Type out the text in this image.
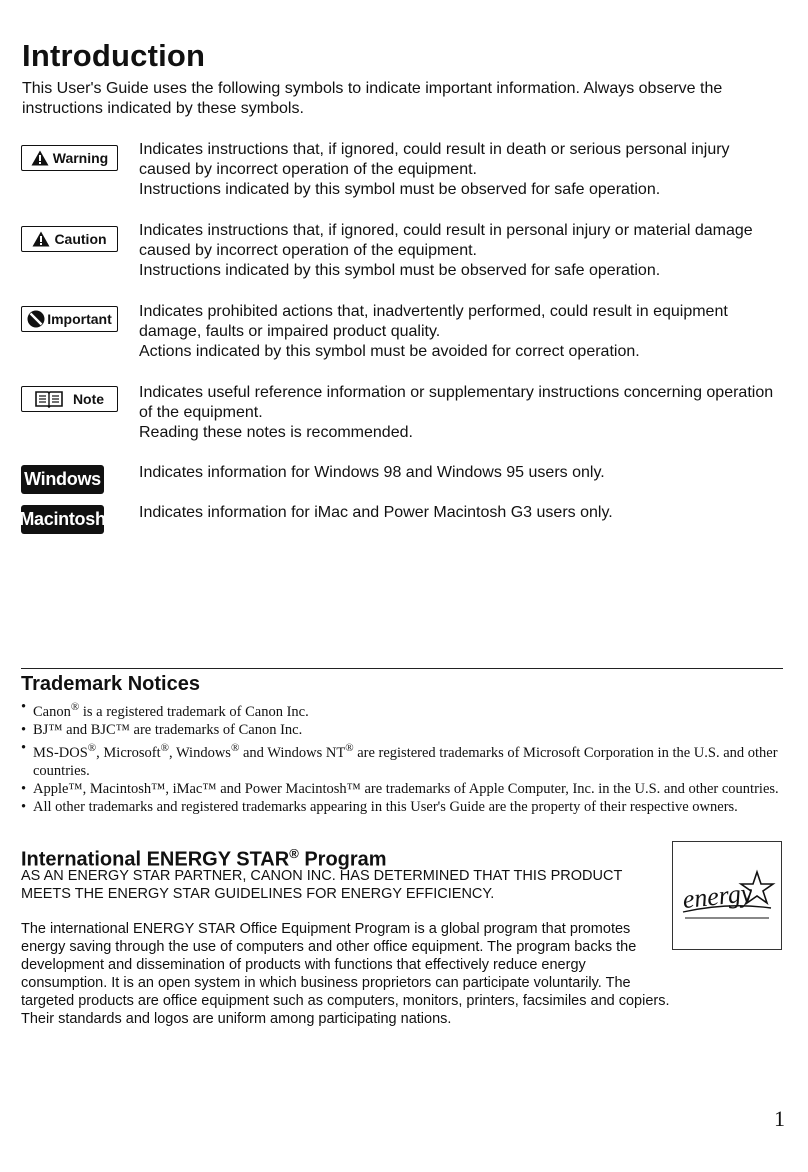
Introduction
This User's Guide uses the following symbols to indicate important information. Always observe the instructions indicated by these symbols.
Warning Indicates instructions that, if ignored, could result in death or serious personal injury caused by incorrect operation of the equipment.

Instructions indicated by this symbol must be observed for safe operation.

Caution Indicates instructions that, if ignored, could result in personal injury or material damage caused by incorrect operation of the equipment.

Instructions indicated by this symbol must be observed for safe operation.

Important Indicates prohibited actions that, inadvertently performed, could result in equipment damage, faults or impaired product quality.

Actions indicated by this symbol must be avoided for correct operation.

Note Indicates useful reference information or supplementary instructions concerning operation of the equipment.

Reading these notes is recommended.

Windows Indicates information for Windows 98 and Windows 95 users only.
Macintosh Indicates information for iMac and Power Macintosh G3 users only.
Trademark Notices
• Canon® is a registered trademark of Canon Inc.
• BJ™ and BJC™ are trademarks of Canon Inc.
• MS-DOS®, Microsoft®, Windows® and Windows NT® are registered trademarks of Microsoft Corporation in the U.S. and other countries.
• Apple™, Macintosh™, iMac™ and Power Macintosh™ are trademarks of Apple Computer, Inc. in the U.S. and other countries.
• All other trademarks and registered trademarks appearing in this User's Guide are the property of their respective owners.
International ENERGY STAR® Program
AS AN ENERGY STAR PARTNER, CANON INC. HAS DETERMINED THAT THIS PRODUCT MEETS THE ENERGY STAR GUIDELINES FOR ENERGY EFFICIENCY.
The international ENERGY STAR Office Equipment Program is a global program that promotes energy saving through the use of computers and other office equipment. The program backs the development and dissemination of products with functions that effectively reduce energy consumption. It is an open system in which business proprietors can participate voluntarily. The targeted products are office equipment such as computers, monitors, printers, facsimiles and copiers. Their standards and logos are uniform among participating nations.
energy
1
